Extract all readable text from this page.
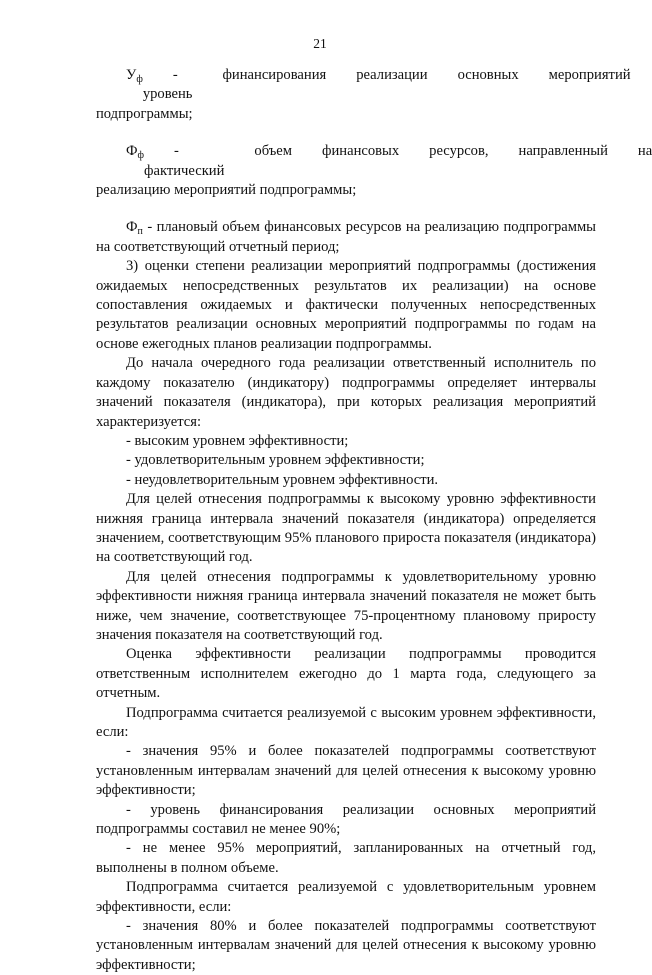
21

$У_ф$	- уровень
финансирования	реализации	основных	мероприятий

подпрограммы;

$Ф_ф$	- фактический
объем	финансовых	ресурсов,	направленный	на

реализацию мероприятий подпрограммы;

$Ф_п$ - плановый объем финансовых ресурсов на реализацию подпрограммы на соответствующий отчетный период;

3) оценки степени реализации мероприятий подпрограммы (достижения ожидаемых непосредственных результатов их реализации) на основе сопоставления ожидаемых и фактически полученных непосредственных результатов реализации основных мероприятий подпрограммы по годам на основе ежегодных планов реализации подпрограммы.

До начала очередного года реализации ответственный исполнитель по каждому показателю (индикатору) подпрограммы определяет интервалы значений показателя (индикатора), при которых реализация мероприятий характеризуется:

- высоким уровнем эффективности;

- удовлетворительным уровнем эффективности;

- неудовлетворительным уровнем эффективности.

Для целей отнесения подпрограммы к высокому уровню эффективности нижняя граница интервала значений показателя (индикатора) определяется значением, соответствующим 95% планового прироста показателя (индикатора) на соответствующий год.

Для целей отнесения подпрограммы к удовлетворительному уровню эффективности нижняя граница интервала значений показателя не может быть ниже, чем значение, соответствующее 75-процентному плановому приросту значения показателя на соответствующий год.

Оценка эффективности реализации подпрограммы проводится ответственным исполнителем ежегодно до 1 марта года, следующего за отчетным.

Подпрограмма считается реализуемой с высоким уровнем эффективности, если:

- значения 95% и более показателей подпрограммы соответствуют установленным интервалам значений для целей отнесения к высокому уровню эффективности;

- уровень финансирования реализации основных мероприятий подпрограммы составил не менее 90%;

- не менее 95% мероприятий, запланированных на отчетный год, выполнены в полном объеме.

Подпрограмма считается реализуемой с удовлетворительным уровнем эффективности, если:

- значения 80% и более показателей подпрограммы соответствуют установленным интервалам значений для целей отнесения к высокому уровню эффективности;
